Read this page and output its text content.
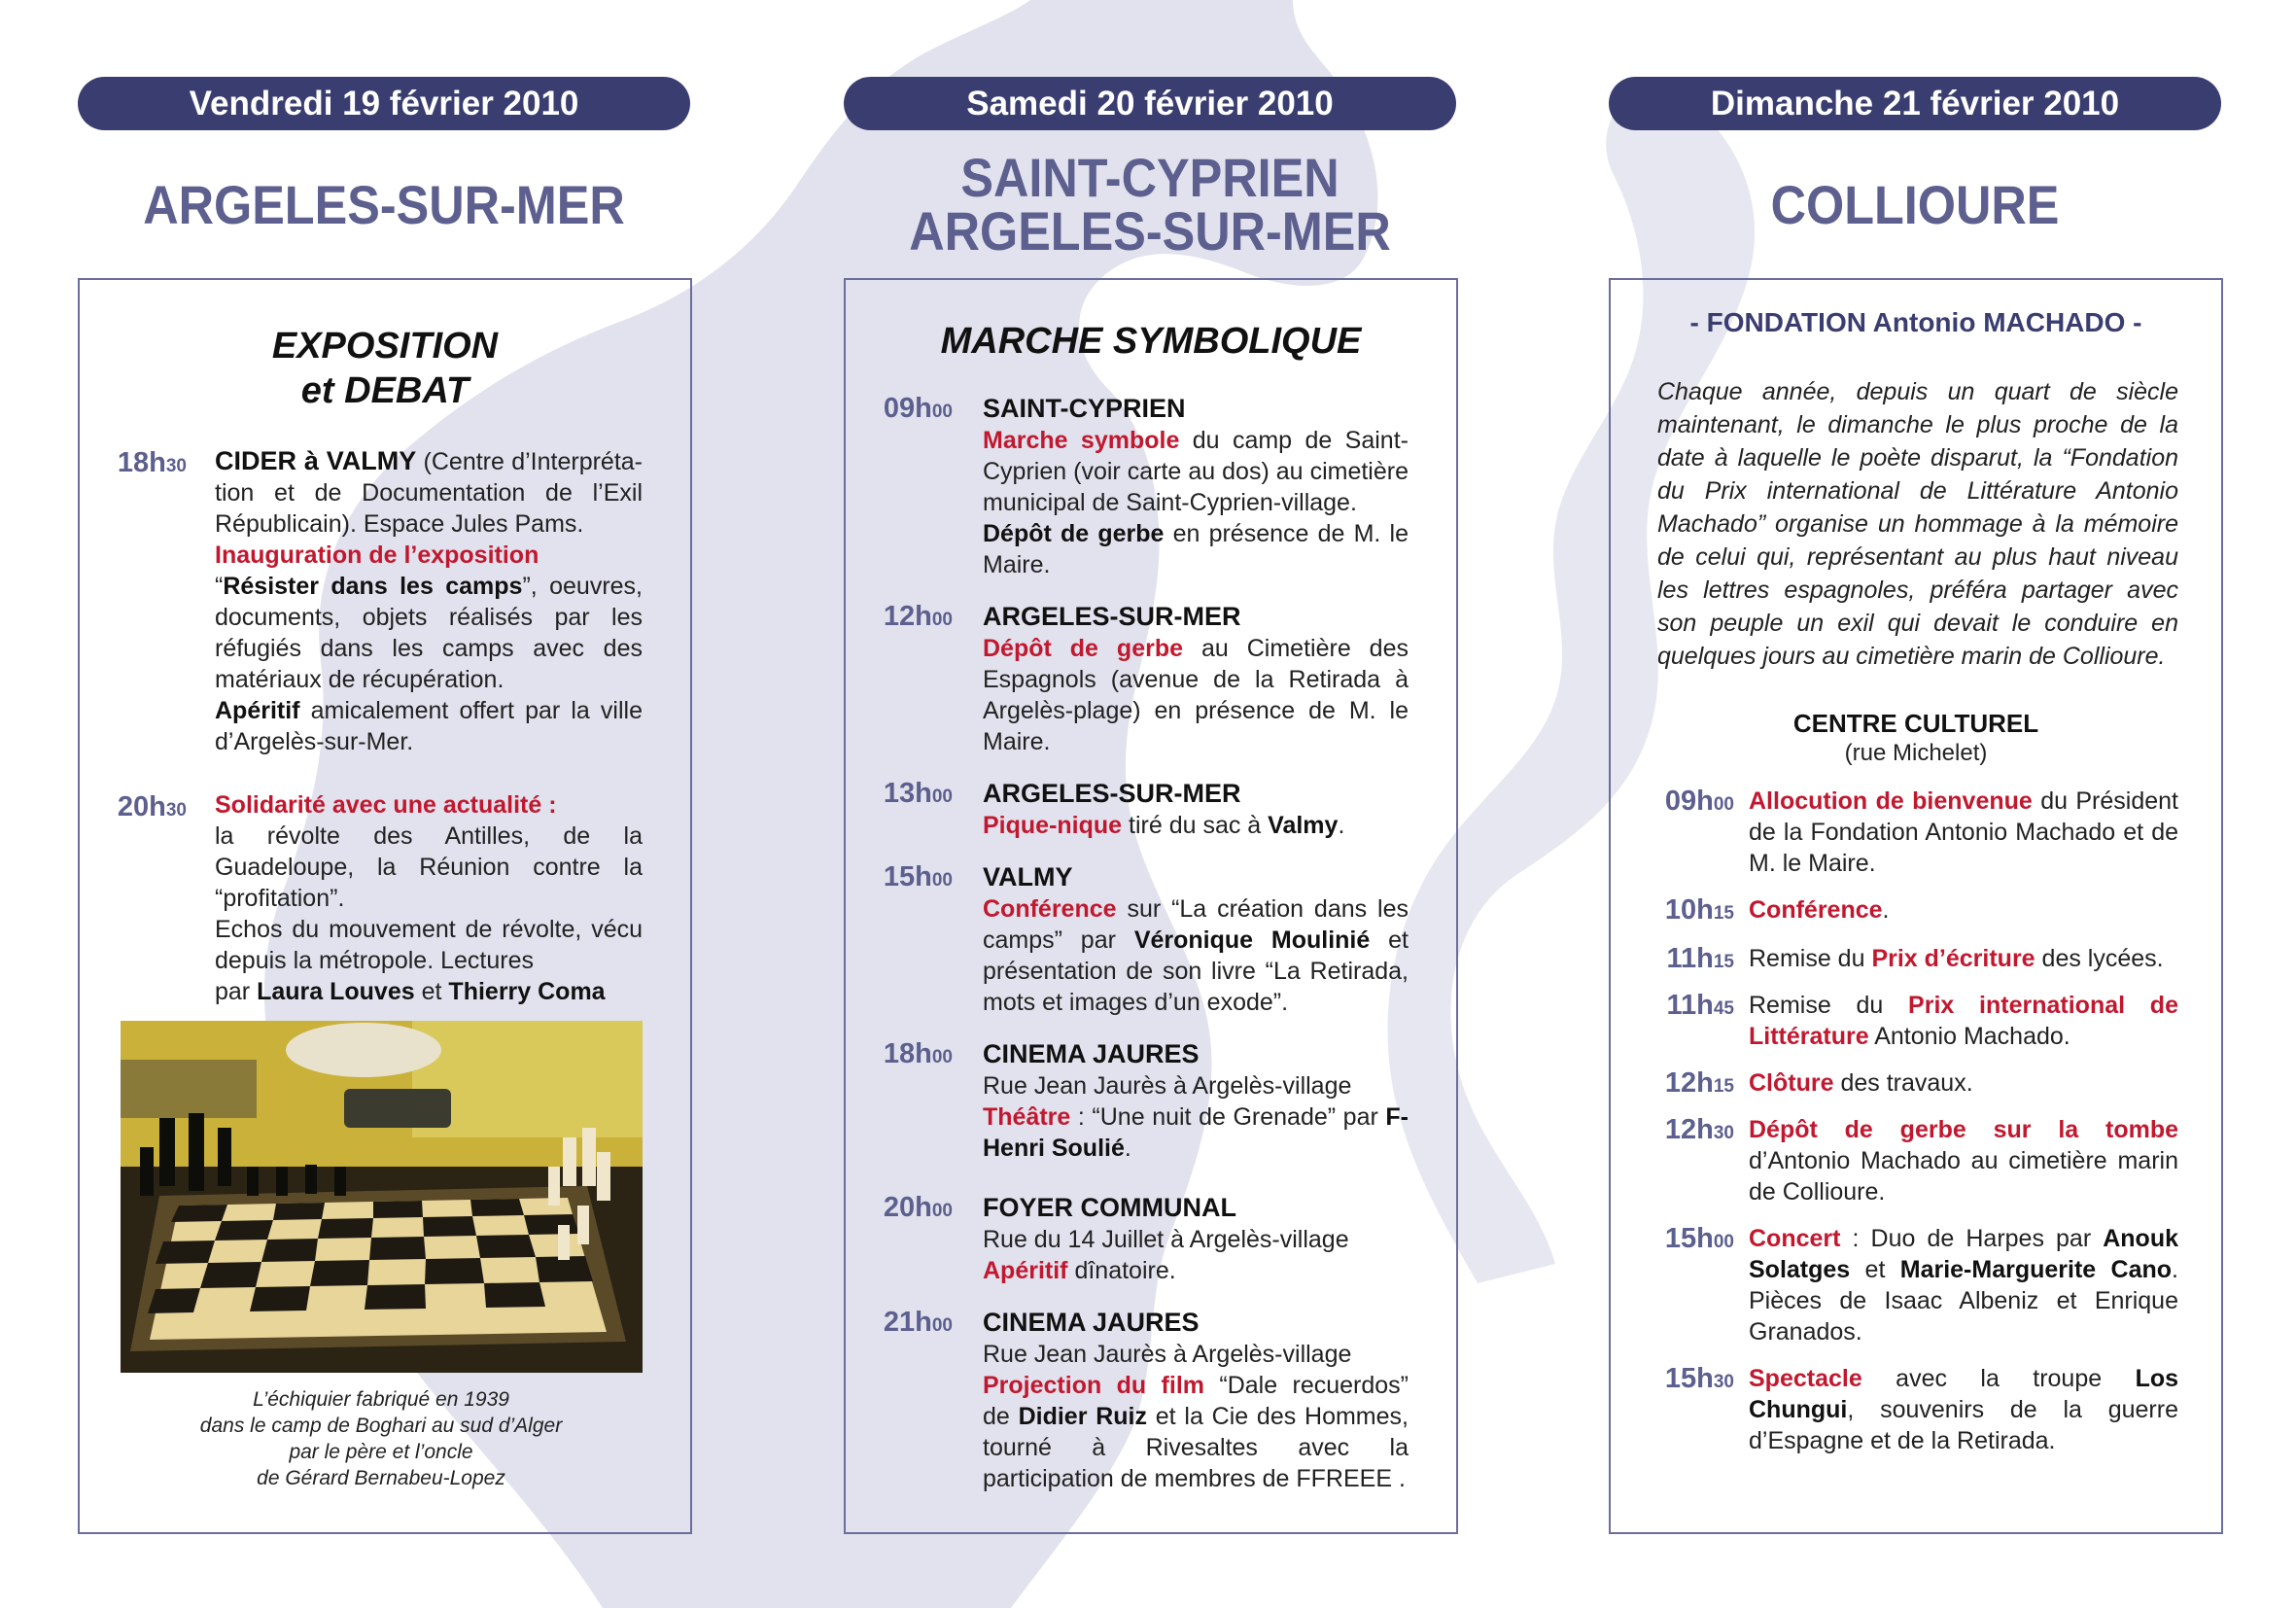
Vendredi 19 février 2010
ARGELES-SUR-MER
EXPOSITION
et DEBAT
18h30 CIDER à VALMY (Centre d’Interpréta- tion et de Documentation de l’Exil Républicain). Espace Jules Pams.
Inauguration de l’exposition
“Résister dans les camps”, oeuvres, documents, objets réalisés par les réfugiés dans les camps avec des matériaux de récupération.
Apéritif amicalement offert par la ville d’Argelès-sur-Mer.
20h30 Solidarité avec une actualité :
la révolte des Antilles, de la Guadeloupe, la Réunion contre la “profitation”.
Echos du mouvement de révolte, vécu depuis la métropole. Lectures
par Laura Louves et Thierry Coma
L’échiquier fabriqué en 1939
dans le camp de Boghari au sud d’Alger
par le père et l’oncle
de Gérard Bernabeu-Lopez
Samedi 20 février 2010
SAINT-CYPRIEN
ARGELES-SUR-MER
MARCHE SYMBOLIQUE
09h00 SAINT-CYPRIEN
Marche symbole du camp de Saint-Cyprien (voir carte au dos) au cimetière municipal de Saint-Cyprien-village.
Dépôt de gerbe en présence de M. le Maire.
12h00 ARGELES-SUR-MER
Dépôt de gerbe au Cimetière des Espagnols (avenue de la Retirada à Argelès-plage) en présence de M. le Maire.
13h00 ARGELES-SUR-MER
Pique-nique tiré du sac à Valmy.
15h00 VALMY
Conférence sur “La création dans les camps” par Véronique Moulinié et présentation de son livre “La Retirada, mots et images d’un exode”.
18h00 CINEMA JAURES
Rue Jean Jaurès à Argelès-village
Théâtre : “Une nuit de Grenade” par F-Henri Soulié.
20h00 FOYER COMMUNAL
Rue du 14 Juillet à Argelès-village
Apéritif dînatoire.
21h00 CINEMA JAURES
Rue Jean Jaurès à Argelès-village
Projection du film “Dale recuerdos” de Didier Ruiz et la Cie des Hommes, tourné à Rivesaltes avec la participation de membres de FFREEE .
Dimanche 21 février 2010
COLLIOURE
- FONDATION Antonio MACHADO -
Chaque année, depuis un quart de siècle maintenant, le dimanche le plus proche de la date à laquelle le poète disparut, la “Fondation du Prix international de Littérature Antonio Machado” organise un hommage à la mémoire de celui qui, représentant au plus haut niveau les lettres espagnoles, préféra partager avec son peuple un exil qui devait le conduire en quelques jours au cimetière marin de Collioure.
CENTRE CULTUREL
(rue Michelet)
09h00 Allocution de bienvenue du Président de la Fondation Antonio Machado et de M. le Maire.
10h15 Conférence.
11h15 Remise du Prix d’écriture des lycées.
11h45 Remise du Prix international de Littérature Antonio Machado.
12h15 Clôture des travaux.
12h30 Dépôt de gerbe sur la tombe d’Antonio Machado au cimetière marin de Collioure.
15h00 Concert : Duo de Harpes par Anouk Solatges et Marie-Marguerite Cano. Pièces de Isaac Albeniz et Enrique Granados.
15h30 Spectacle avec la troupe Los Chungui, souvenirs de la guerre d’Espagne et de la Retirada.
